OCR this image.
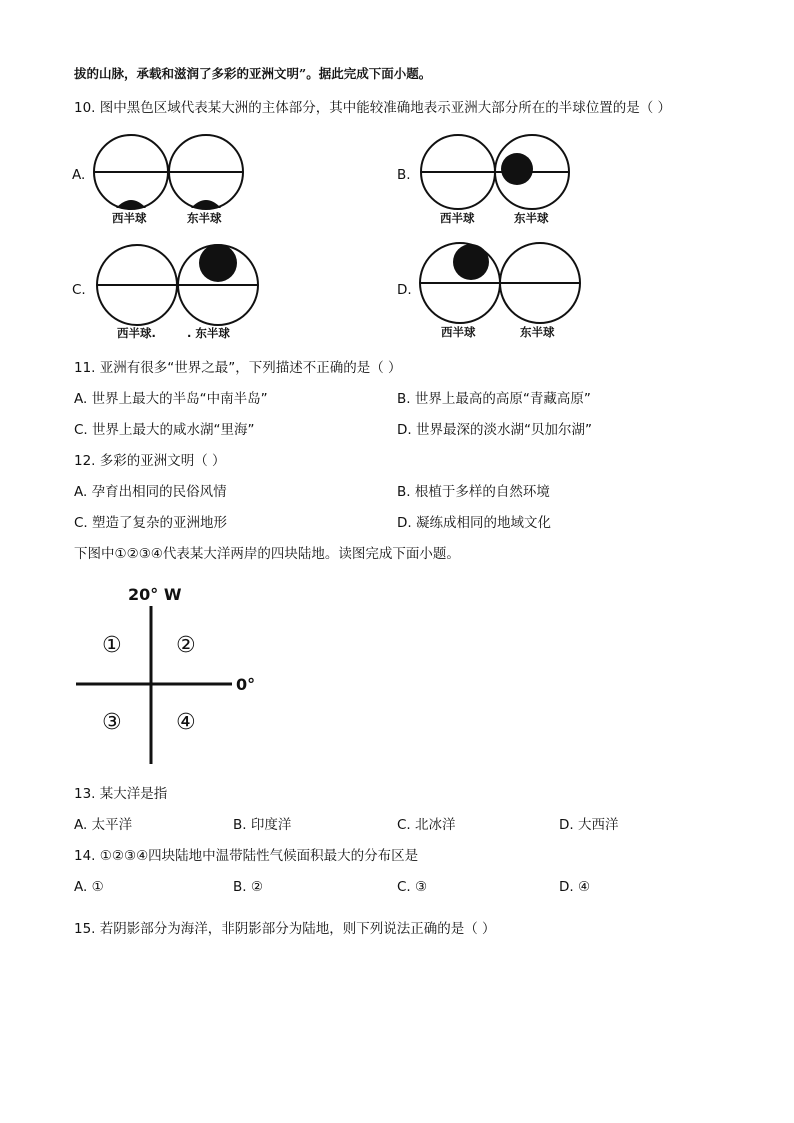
拔的山脉，承载和滋润了多彩的亚洲文明”。据此完成下面小题。
10. 图中黑色区域代表某大洲的主体部分，其中能较准确地表示亚洲大部分所在的半球位置的是（ ）
A.
西半球	东半球
B.
西半球	东半球
C.
西半球.	. 东半球
D.
西半球	东半球
11. 亚洲有很多“世界之最”，下列描述不正确的是（ ）
A. 世界上最大的半岛“中南半岛”	B. 世界上最高的高原“青藏高原”
C. 世界上最大的咸水湖“里海”	D. 世界最深的淡水湖“贝加尔湖”
12. 多彩的亚洲文明（ ）
A. 孕育出相同的民俗风情	B. 根植于多样的自然环境
C. 塑造了复杂的亚洲地形	D. 凝练成相同的地域文化
下图中①②③④代表某大洋两岸的四块陆地。读图完成下面小题。
20° W
0°
① ②
③ ④
13. 某大洋是指
A. 太平洋	B. 印度洋	C. 北冰洋	D. 大西洋
14. ①②③④四块陆地中温带陆性气候面积最大的分布区是
A. ①	B. ②	C. ③	D. ④
15. 若阴影部分为海洋，非阴影部分为陆地，则下列说法正确的是（ ）
